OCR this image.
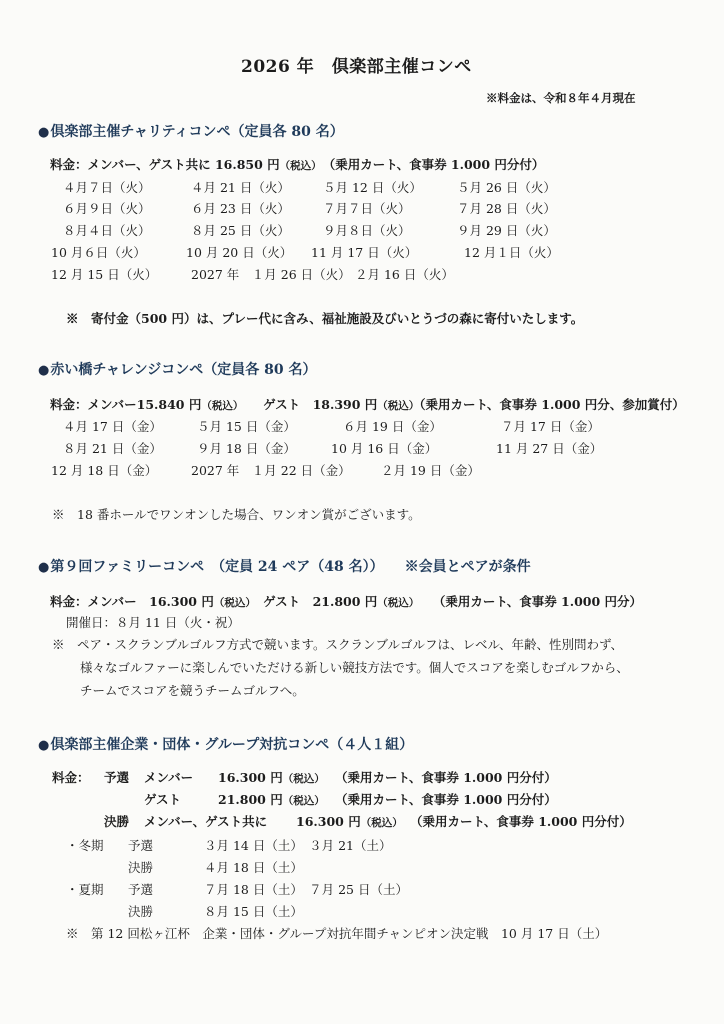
2026 年　倶楽部主催コンペ
※料金は、令和８年４月現在
●倶楽部主催チャリティコンペ（定員各 80 名）
料金：メンバー、ゲスト共に 16.850 円（税込）　 （乗用カート、食事券 1.000 円分付）
４月７日（火）	４月 21 日（火）	５月 12 日（火）	５月 26 日（火）
６月９日（火）	６月 23 日（火）	７月７日（火）	７月 28 日（火）
８月４日（火）	８月 25 日（火）	９月８日（火）	９月 29 日（火）
10 月６日（火）	10 月 20 日（火） 11 月 17 日（火）	12 月１日（火）
12 月 15 日（火）	2027 年　１月 26 日（火） ２月 16 日（火）
※　寄付金（500 円）は、プレー代に含み、福祉施設及びいとうづの森に寄付いたします。
●赤い橋チャレンジコンペ（定員各 80 名）
料金：メンバー15.840 円（税込）　　 ゲスト　18.390 円（税込）（乗用カート、食事券 1.000 円分、参加賞付）
４月 17 日（金）	５月 15 日（金）	６月 19 日（金）	７月 17 日（金）
８月 21 日（金）	９月 18 日（金）	10 月 16 日（金）	11 月 27 日（金）
12 月 18 日（金）	2027 年　１月 22 日（金） ２月 19 日（金）
※　18 番ホールでワンオンした場合、ワンオン賞がございます。
●第９回ファミリーコンペ　（定員 24 ペア（48 名））　　 ※会員とペアが条件
料金：メンバー　16.300 円（税込）　 ゲスト　21.800 円（税込）　　 （乗用カート、食事券 1.000 円分）
開催日：８月 11 日（火・祝）
※　ペア・スクランブルゴルフ方式で競います。スクランブルゴルフは、レベル、年齢、性別問わず、
様々なゴルファーに楽しんでいただける新しい競技方法です。個人でスコアを楽しむゴルフから、
チームでスコアを競うチームゴルフへ。
●倶楽部主催企業・団体・グループ対抗コンペ（４人１組）
料金： 予選 メンバー 16.300 円（税込） （乗用カート、食事券 1.000 円分付）
ゲスト	21.800 円（税込） （乗用カート、食事券 1.000 円分付）
決勝 メンバー、ゲスト共に 16.300 円（税込） （乗用カート、食事券 1.000 円分付）
・冬期 予選	３月 14 日（土）　３月 21（土）
決勝	４月 18 日（土）
・夏期 予選	７月 18 日（土）　７月 25 日（土）
決勝	８月 15 日（土）
※　第 12 回松ヶ江杯　企業・団体・グループ対抗年間チャンピオン決定戦　10 月 17 日（土）
